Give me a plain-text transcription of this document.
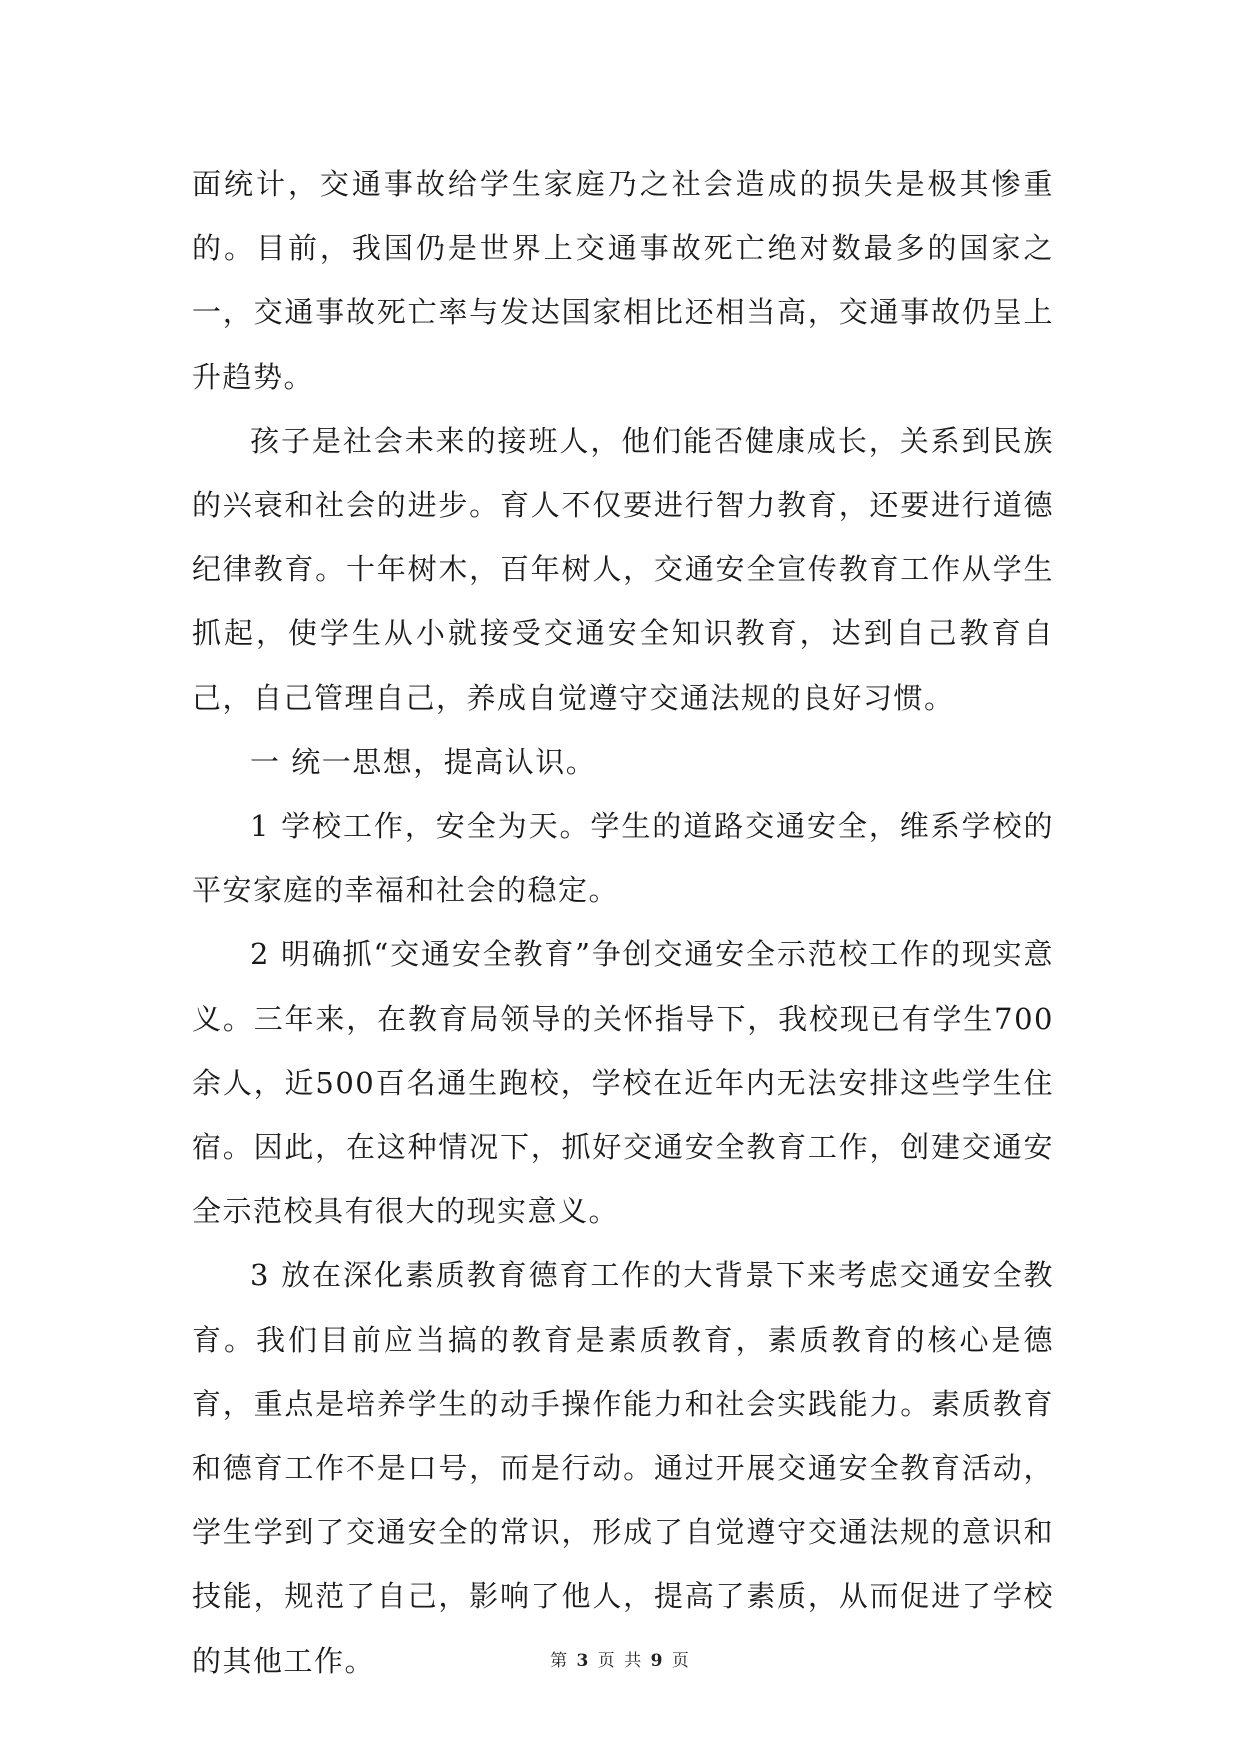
面统计，交通事故给学生家庭乃之社会造成的损失是极其惨重的。目前，我国仍是世界上交通事故死亡绝对数最多的国家之一，交通事故死亡率与发达国家相比还相当高，交通事故仍呈上升趋势。

孩子是社会未来的接班人，他们能否健康成长，关系到民族的兴衰和社会的进步。育人不仅要进行智力教育，还要进行道德纪律教育。十年树木，百年树人，交通安全宣传教育工作从学生抓起，使学生从小就接受交通安全知识教育，达到自己教育自己，自己管理自己，养成自觉遵守交通法规的良好习惯。

一 统一思想，提高认识。

1 学校工作，安全为天。学生的道路交通安全，维系学校的平安家庭的幸福和社会的稳定。

2 明确抓“交通安全教育”争创交通安全示范校工作的现实意义。三年来，在教育局领导的关怀指导下，我校现已有学生700余人，近500百名通生跑校，学校在近年内无法安排这些学生住宿。因此，在这种情况下，抓好交通安全教育工作，创建交通安全示范校具有很大的现实意义。

3 放在深化素质教育德育工作的大背景下来考虑交通安全教育。我们目前应当搞的教育是素质教育，素质教育的核心是德育，重点是培养学生的动手操作能力和社会实践能力。素质教育和德育工作不是口号，而是行动。通过开展交通安全教育活动，学生学到了交通安全的常识，形成了自觉遵守交通法规的意识和技能，规范了自己，影响了他人，提高了素质，从而促进了学校的其他工作。	第 3 页 共 9 页
